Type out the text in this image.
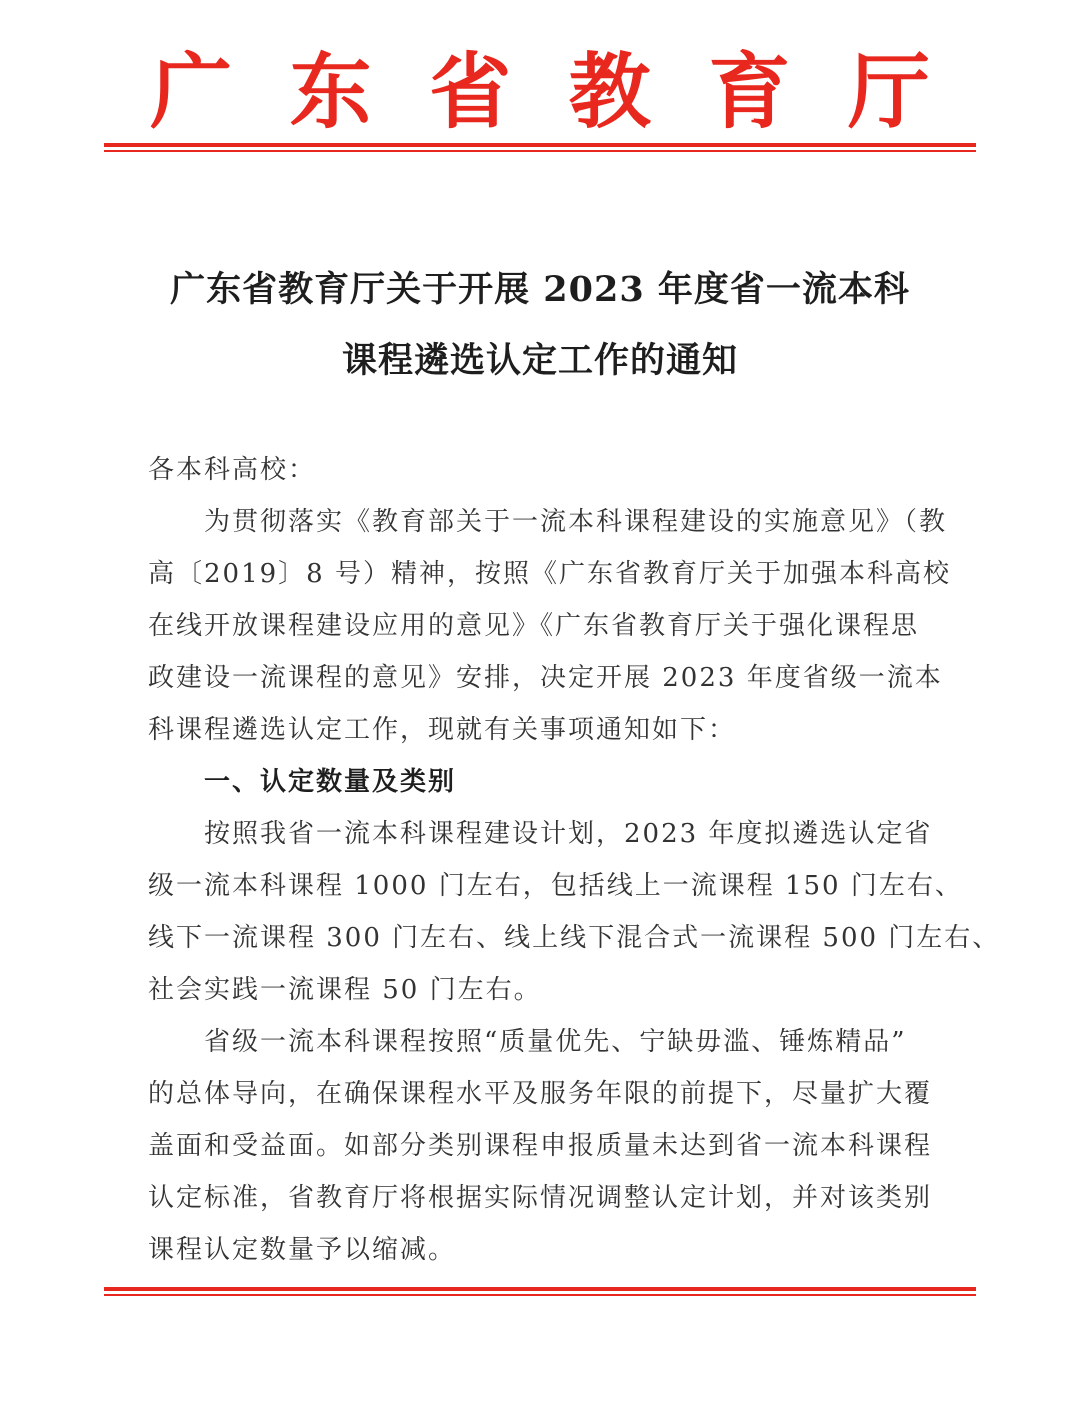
广 东 省 教 育 厅
广东省教育厅关于开展 2023 年度省一流本科
课程遴选认定工作的通知

各本科高校：

为贯彻落实《教育部关于一流本科课程建设的实施意见》（教

高〔2019〕8 号）精神，按照《广东省教育厅关于加强本科高校

在线开放课程建设应用的意见》《广东省教育厅关于强化课程思

政建设一流课程的意见》安排，决定开展 2023 年度省级一流本

科课程遴选认定工作，现就有关事项通知如下：

一、认定数量及类别

按照我省一流本科课程建设计划，2023 年度拟遴选认定省

级一流本科课程 1000 门左右，包括线上一流课程 150 门左右、

线下一流课程 300 门左右、线上线下混合式一流课程 500 门左右、

社会实践一流课程 50 门左右。

省级一流本科课程按照“质量优先、宁缺毋滥、锤炼精品”

的总体导向，在确保课程水平及服务年限的前提下，尽量扩大覆

盖面和受益面。如部分类别课程申报质量未达到省一流本科课程

认定标准，省教育厅将根据实际情况调整认定计划，并对该类别

课程认定数量予以缩减。
